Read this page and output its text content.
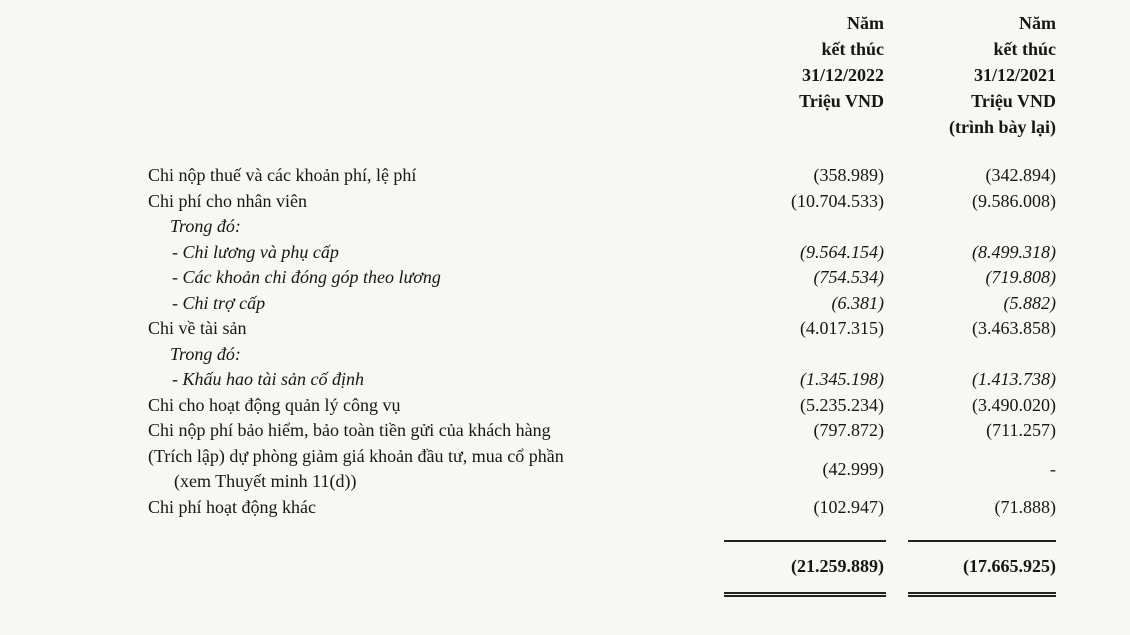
Năm
kết thúc
31/12/2022
Triệu VND
Năm
kết thúc
31/12/2021
Triệu VND
(trình bày lại)
Chi nộp thuế và các khoản phí, lệ phí	(358.989)	(342.894)
Chi phí cho nhân viên	(10.704.533)	(9.586.008)
Trong đó:
- Chi lương và phụ cấp	(9.564.154)	(8.499.318)
- Các khoản chi đóng góp theo lương	(754.534)	(719.808)
- Chi trợ cấp	(6.381)	(5.882)
Chi về tài sản	(4.017.315)	(3.463.858)
Trong đó:
- Khấu hao tài sản cố định	(1.345.198)	(1.413.738)
Chi cho hoạt động quản lý công vụ	(5.235.234)	(3.490.020)
Chi nộp phí bảo hiểm, bảo toàn tiền gửi của khách hàng	(797.872)	(711.257)
(Trích lập) dự phòng giảm giá khoản đầu tư, mua cổ phần
(xem Thuyết minh 11(d))
(42.999)	-
Chi phí hoạt động khác	(102.947)	(71.888)
(21.259.889)	(17.665.925)
